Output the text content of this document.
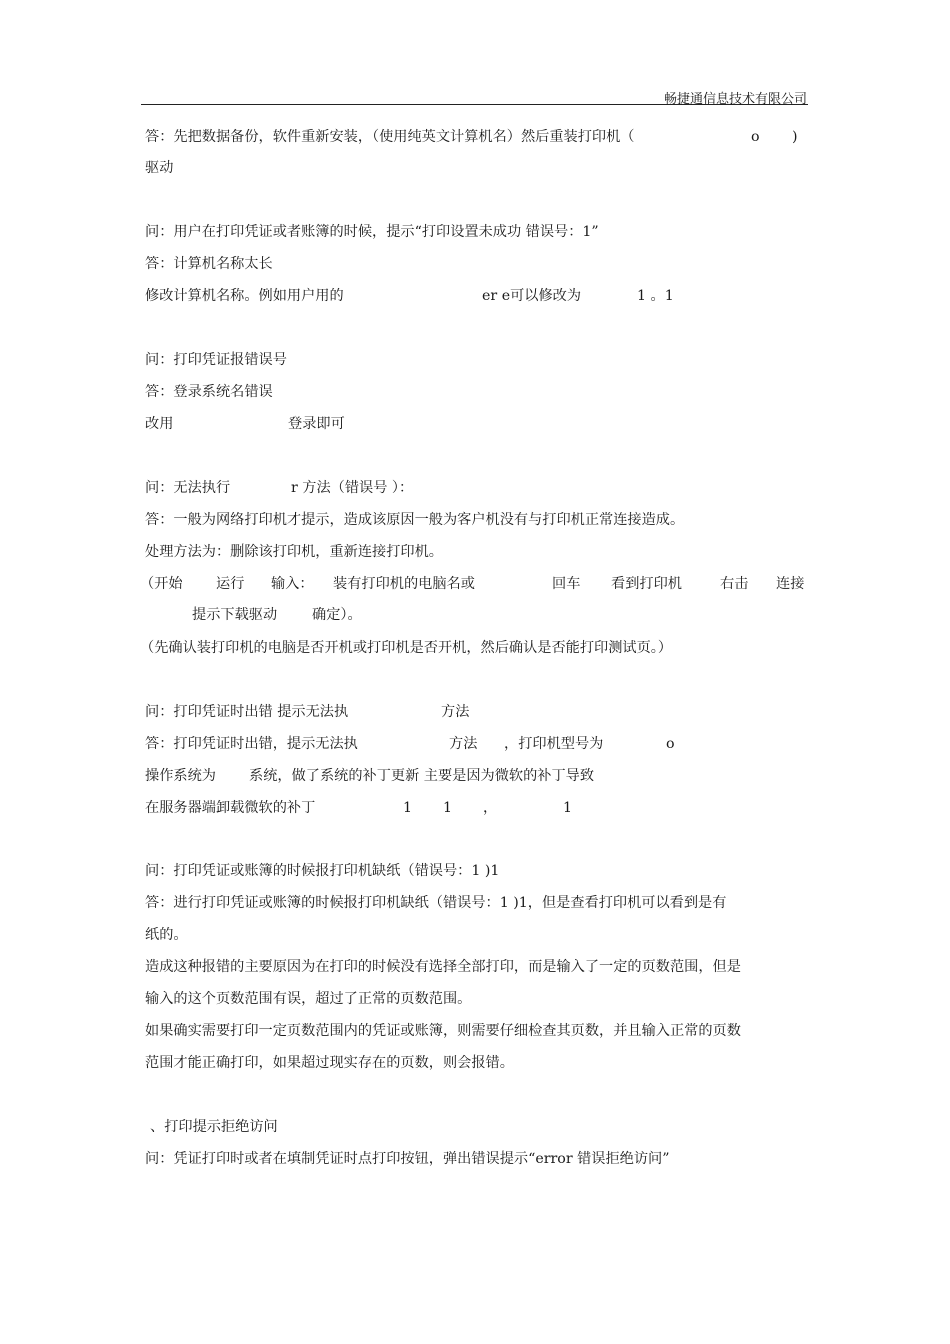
畅捷通信息技术有限公司
答：先把数据备份，软件重新安装，（使用纯英文计算机名）然后重装打印机（	o )
驱动
问：用户在打印凭证或者账簿的时候，提示“打印设置未成功 错误号：1”
答：计算机名称太长
修改计算机名称。例如用户用的	er e可以修改为	1 。1
问：打印凭证报错误号
答：登录系统名错误
改用	登录即可
问：无法执行	r 方法（错误号 ）：
答：一般为网络打印机才提示，造成该原因一般为客户机没有与打印机正常连接造成。
处理方法为：删除该打印机，重新连接打印机。
（开始 运行 输入： 装有打印机的电脑名或	回车 看到打印机	右击 连接
提示下载驱动 确定）。
（先确认装打印机的电脑是否开机或打印机是否开机，然后确认是否能打印测试页。）
问：打印凭证时出错 提示无法执	方法
答：打印凭证时出错，提示无法执	方法 ，打印机型号为	o
操作系统为 系统，做了系统的补丁更新 主要是因为微软的补丁导致
在服务器端卸载微软的补丁	1 1 ，	1
问：打印凭证或账簿的时候报打印机缺纸（错误号：1 )1
答：进行打印凭证或账簿的时候报打印机缺纸（错误号：1 )1，但是查看打印机可以看到是有
纸的。
造成这种报错的主要原因为在打印的时候没有选择全部打印，而是输入了一定的页数范围，但是
输入的这个页数范围有误，超过了正常的页数范围。
如果确实需要打印一定页数范围内的凭证或账簿，则需要仔细检查其页数，并且输入正常的页数
范围才能正确打印，如果超过现实存在的页数，则会报错。
、打印提示拒绝访问
问：凭证打印时或者在填制凭证时点打印按钮，弹出错误提示“error 错误拒绝访问”
